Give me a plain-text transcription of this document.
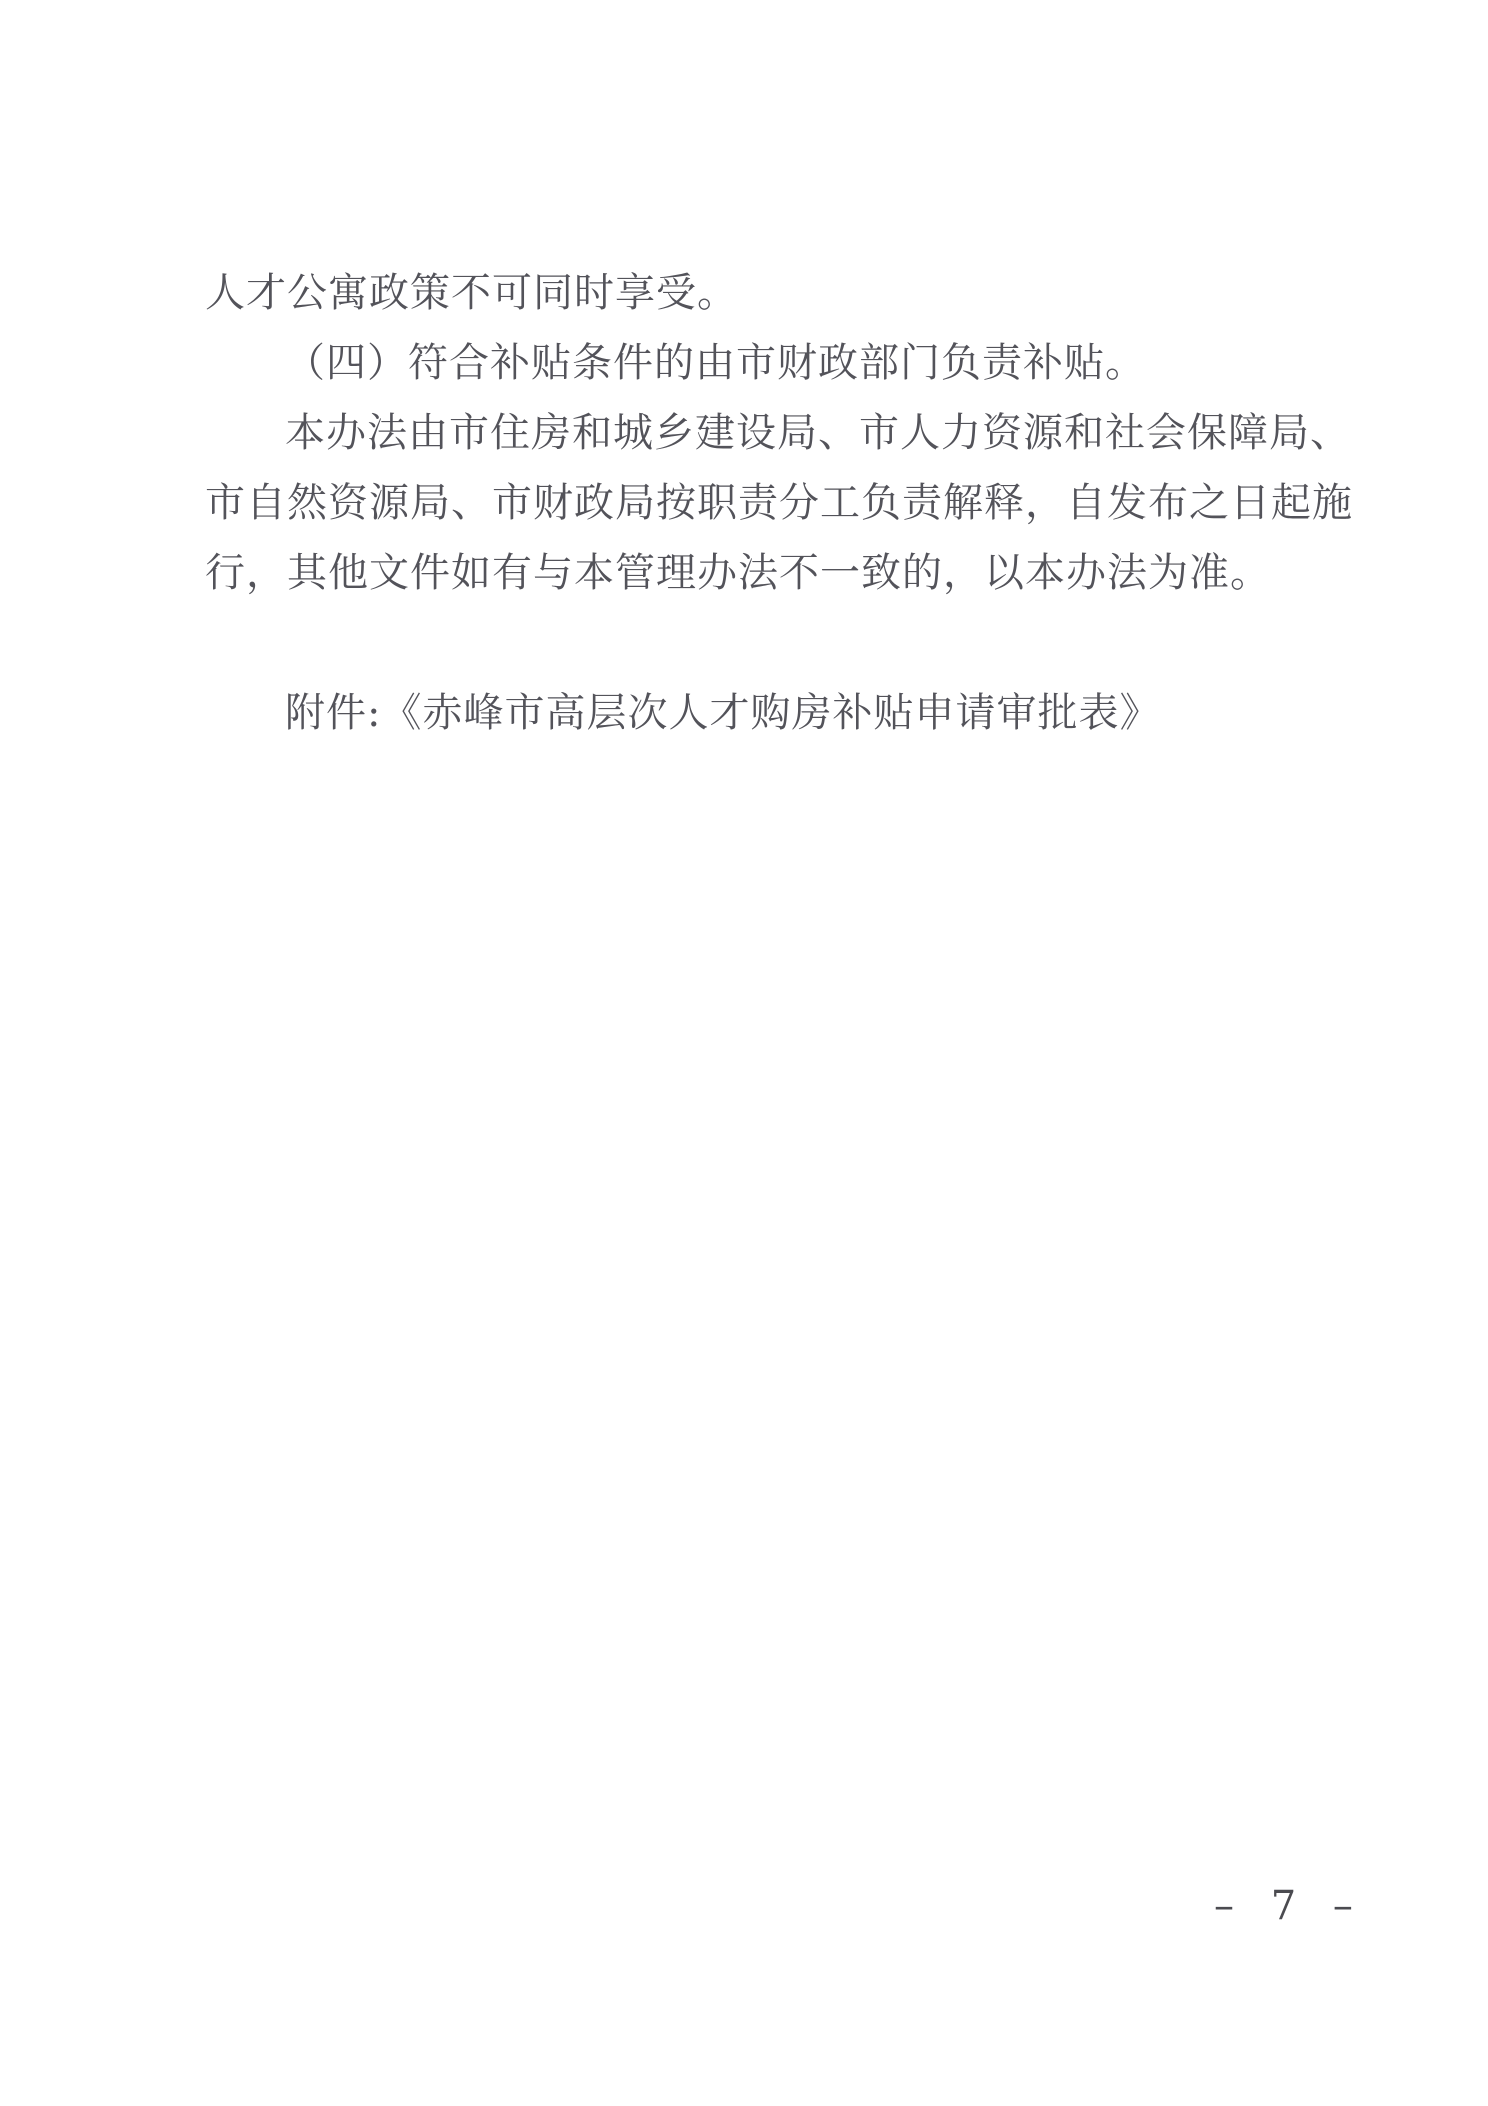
人才公寓政策不可同时享受。

（四）符合补贴条件的由市财政部门负责补贴。

本办法由市住房和城乡建设局、市人力资源和社会保障局、

市自然资源局、市财政局按职责分工负责解释，自发布之日起施

行，其他文件如有与本管理办法不一致的，以本办法为准。

附件:《赤峰市高层次人才购房补贴申请审批表》

– 7 –
